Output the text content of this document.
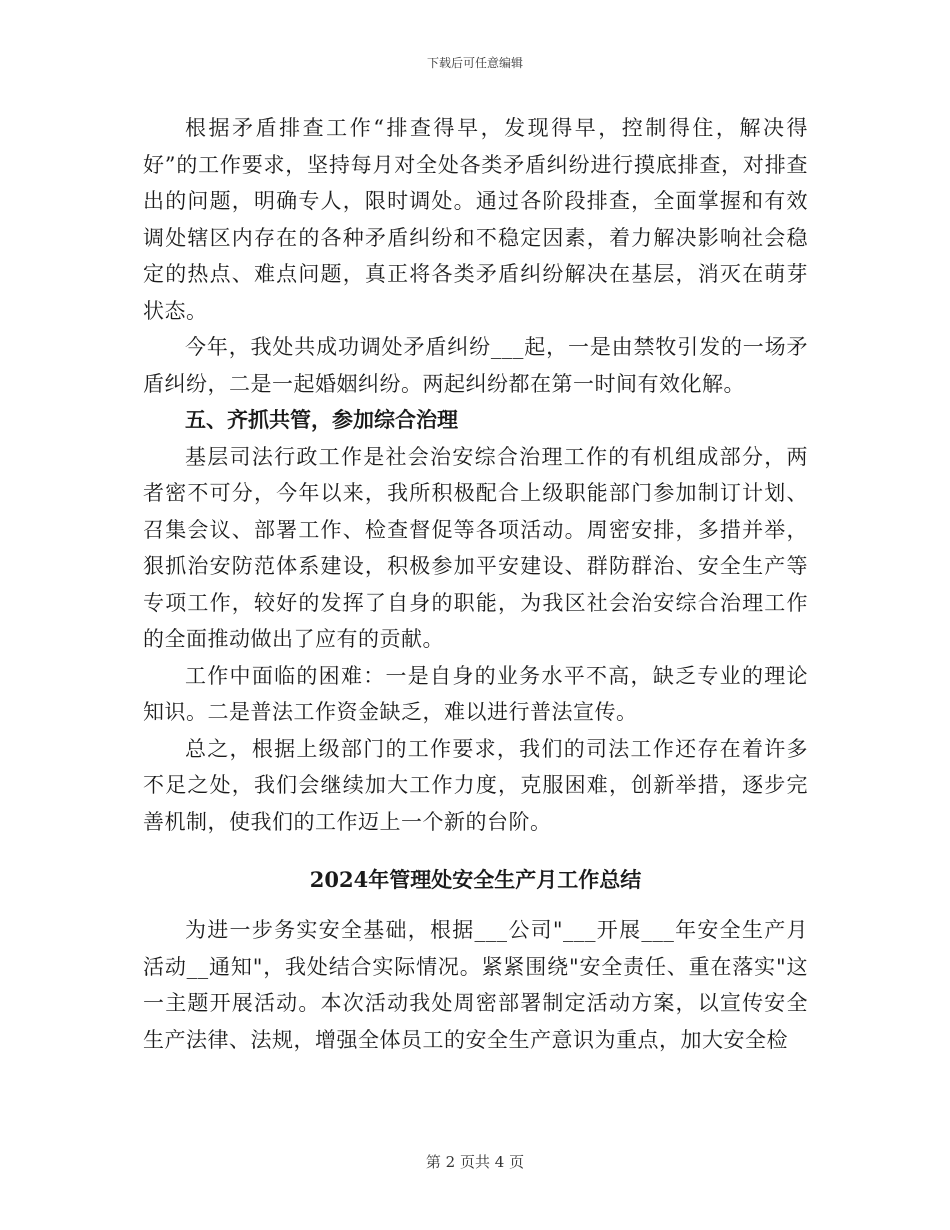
下载后可任意编辑

根据矛盾排查工作“排查得早，发现得早，控制得住，解决得好”的工作要求，坚持每月对全处各类矛盾纠纷进行摸底排查，对排查出的问题，明确专人，限时调处。通过各阶段排查，全面掌握和有效调处辖区内存在的各种矛盾纠纷和不稳定因素，着力解决影响社会稳定的热点、难点问题，真正将各类矛盾纠纷解决在基层，消灭在萌芽状态。

今年，我处共成功调处矛盾纠纷___起，一是由禁牧引发的一场矛盾纠纷，二是一起婚姻纠纷。两起纠纷都在第一时间有效化解。

五、齐抓共管，参加综合治理

基层司法行政工作是社会治安综合治理工作的有机组成部分，两者密不可分，今年以来，我所积极配合上级职能部门参加制订计划、召集会议、部署工作、检查督促等各项活动。周密安排，多措并举，狠抓治安防范体系建设，积极参加平安建设、群防群治、安全生产等专项工作，较好的发挥了自身的职能，为我区社会治安综合治理工作的全面推动做出了应有的贡献。

工作中面临的困难：一是自身的业务水平不高，缺乏专业的理论知识。二是普法工作资金缺乏，难以进行普法宣传。

总之，根据上级部门的工作要求，我们的司法工作还存在着许多不足之处，我们会继续加大工作力度，克服困难，创新举措，逐步完善机制，使我们的工作迈上一个新的台阶。

2024年管理处安全生产月工作总结

为进一步务实安全基础，根据___公司"___开展___年安全生产月活动__通知"，我处结合实际情况。紧紧围绕"安全责任、重在落实"这一主题开展活动。本次活动我处周密部署制定活动方案，以宣传安全生产法律、法规，增强全体员工的安全生产意识为重点，加大安全检

第 2 页共 4 页
